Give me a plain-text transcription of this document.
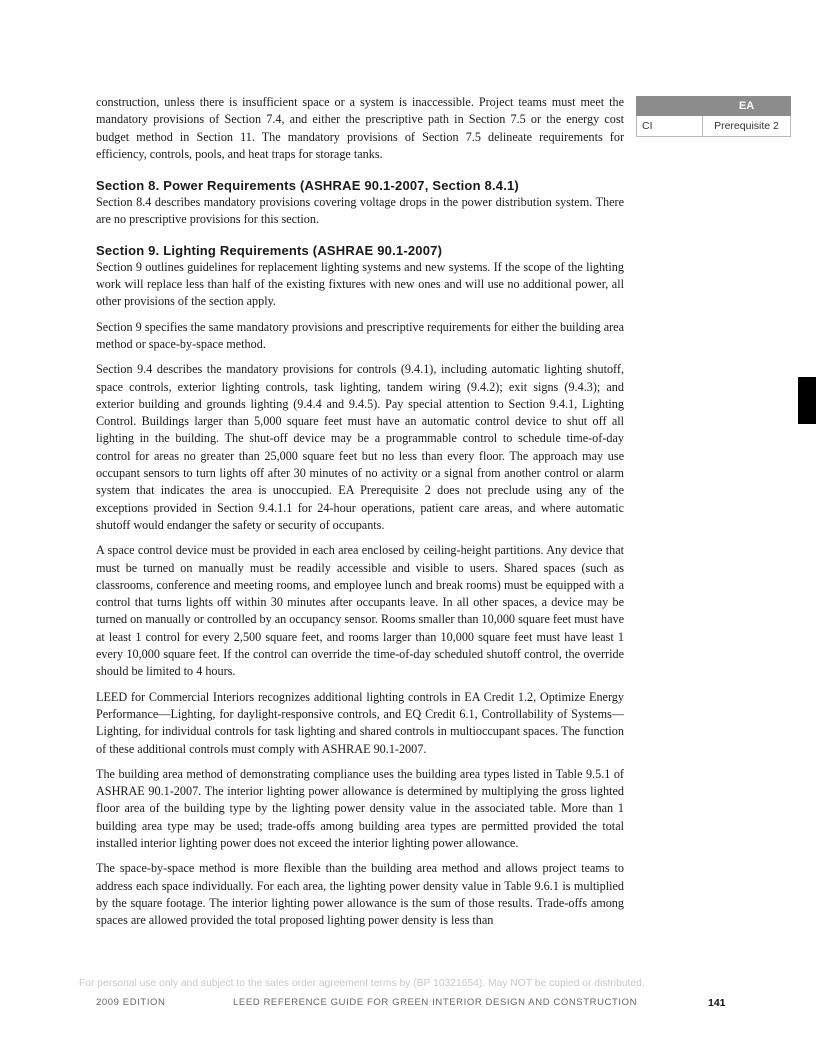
construction, unless there is insufficient space or a system is inaccessible. Project teams must meet the mandatory provisions of Section 7.4, and either the prescriptive path in Section 7.5 or the energy cost budget method in Section 11. The mandatory provisions of Section 7.5 delineate requirements for efficiency, controls, pools, and heat traps for storage tanks.

Section 8. Power Requirements (ASHRAE 90.1-2007, Section 8.4.1)

Section 8.4 describes mandatory provisions covering voltage drops in the power distribution system. There are no prescriptive provisions for this section.

Section 9. Lighting Requirements (ASHRAE 90.1-2007)

Section 9 outlines guidelines for replacement lighting systems and new systems. If the scope of the lighting work will replace less than half of the existing fixtures with new ones and will use no additional power, all other provisions of the section apply.

Section 9 specifies the same mandatory provisions and prescriptive requirements for either the building area method or space-by-space method.

Section 9.4 describes the mandatory provisions for controls (9.4.1), including automatic lighting shutoff, space controls, exterior lighting controls, task lighting, tandem wiring (9.4.2); exit signs (9.4.3); and exterior building and grounds lighting (9.4.4 and 9.4.5). Pay special attention to Section 9.4.1, Lighting Control. Buildings larger than 5,000 square feet must have an automatic control device to shut off all lighting in the building. The shut-off device may be a programmable control to schedule time-of-day control for areas no greater than 25,000 square feet but no less than every floor. The approach may use occupant sensors to turn lights off after 30 minutes of no activity or a signal from another control or alarm system that indicates the area is unoccupied. EA Prerequisite 2 does not preclude using any of the exceptions provided in Section 9.4.1.1 for 24-hour operations, patient care areas, and where automatic shutoff would endanger the safety or security of occupants.

A space control device must be provided in each area enclosed by ceiling-height partitions. Any device that must be turned on manually must be readily accessible and visible to users. Shared spaces (such as classrooms, conference and meeting rooms, and employee lunch and break rooms) must be equipped with a control that turns lights off within 30 minutes after occupants leave. In all other spaces, a device may be turned on manually or controlled by an occupancy sensor. Rooms smaller than 10,000 square feet must have at least 1 control for every 2,500 square feet, and rooms larger than 10,000 square feet must have least 1 every 10,000 square feet. If the control can override the time-of-day scheduled shutoff control, the override should be limited to 4 hours.

LEED for Commercial Interiors recognizes additional lighting controls in EA Credit 1.2, Optimize Energy Performance—Lighting, for daylight-responsive controls, and EQ Credit 6.1, Controllability of Systems—Lighting, for individual controls for task lighting and shared controls in multioccupant spaces. The function of these additional controls must comply with ASHRAE 90.1-2007.

The building area method of demonstrating compliance uses the building area types listed in Table 9.5.1 of ASHRAE 90.1-2007. The interior lighting power allowance is determined by multiplying the gross lighted floor area of the building type by the lighting power density value in the associated table. More than 1 building area type may be used; trade-offs among building area types are permitted provided the total installed interior lighting power does not exceed the interior lighting power allowance.

The space-by-space method is more flexible than the building area method and allows project teams to address each space individually. For each area, the lighting power density value in Table 9.6.1 is multiplied by the square footage. The interior lighting power allowance is the sum of those results. Trade-offs among spaces are allowed provided the total proposed lighting power density is less than

EA
CI	Prerequisite 2
For personal use only and subject to the sales order agreement terms by (BP 10321654). May NOT be copied or distributed.
2009 EDITION	LEED REFERENCE GUIDE FOR GREEN INTERIOR DESIGN AND CONSTRUCTION	141
